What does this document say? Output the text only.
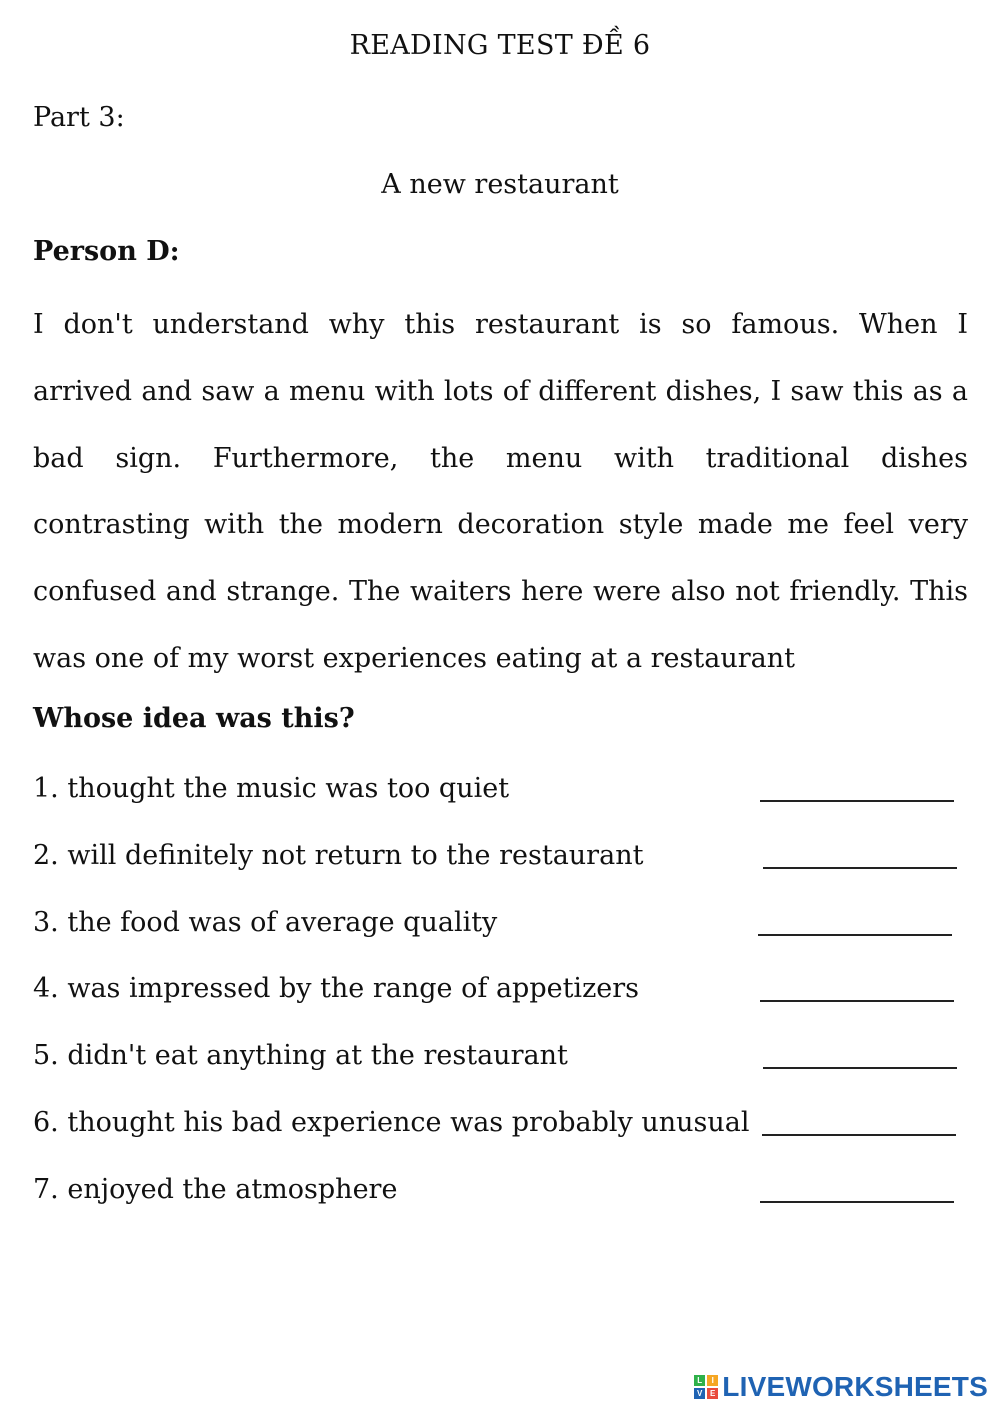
READING TEST ĐỀ 6
Part 3:
A new restaurant
Person D:
I don't understand why this restaurant is so famous. When I
arrived and saw a menu with lots of different dishes, I saw this as a
bad sign. Furthermore, the menu with traditional dishes
contrasting with the modern decoration style made me feel very
confused and strange. The waiters here were also not friendly. This
was one of my worst experiences eating at a restaurant
Whose idea was this?
1. thought the music was too quiet
2. will definitely not return to the restaurant
3. the food was of average quality
4. was impressed by the range of appetizers
5. didn't eat anything at the restaurant
6. thought his bad experience was probably unusual
7. enjoyed the atmosphere
L	I
V E LIVEWORKSHEETS
